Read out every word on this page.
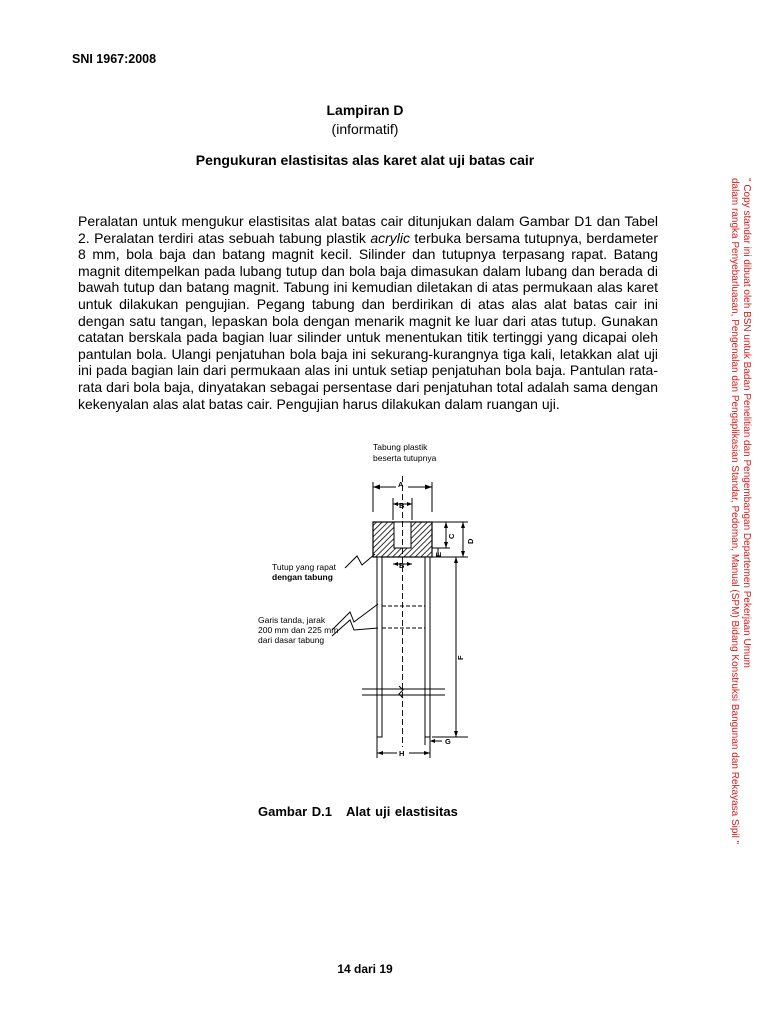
SNI 1967:2008
Lampiran D
(informatif)
Pengukuran elastisitas alas karet alat uji batas cair
Peralatan untuk mengukur elastisitas alat batas cair ditunjukan dalam Gambar D1 dan Tabel 2. Peralatan terdiri atas sebuah tabung plastik acrylic terbuka bersama tutupnya, berdameter 8 mm, bola baja dan batang magnit kecil. Silinder dan tutupnya terpasang rapat. Batang magnit ditempelkan pada lubang tutup dan bola baja dimasukan dalam lubang dan berada di bawah tutup dan batang magnit. Tabung ini kemudian diletakan di atas permukaan alas karet untuk dilakukan pengujian. Pegang tabung dan berdirikan di atas alas alat batas cair ini dengan satu tangan, lepaskan bola dengan menarik magnit ke luar dari atas tutup. Gunakan catatan berskala pada bagian luar silinder untuk menentukan titik tertinggi yang dicapai oleh pantulan bola. Ulangi penjatuhan bola baja ini sekurang-kurangnya tiga kali, letakkan alat uji ini pada bagian lain dari permukaan alas ini untuk setiap penjatuhan bola baja. Pantulan rata-rata dari bola baja, dinyatakan sebagai persentase dari penjatuhan total adalah sama dengan kekenyalan alas alat batas cair. Pengujian harus dilakukan dalam ruangan uji.
Tabung plastik beserta tutupnya
A
B
C
D
E
B
F
H
G
Tutup yang rapat dengan tabung
Garis tanda, jarak 200 mm dan 225 mm dari dasar tabung
Gambar D.1 Alat uji elastisitas
14 dari 19
" Copy standar ini dibuat oleh BSN untuk Badan Penelitian dan Pengembangan Departemen Pekerjaan Umum
dalam rangka Penyebarluasan, Pengenalan dan Pengaplikasian Standar, Pedoman, Manual (SPM) Bidang Konstruksi Bangunan dan Rekayasa Sipil "
